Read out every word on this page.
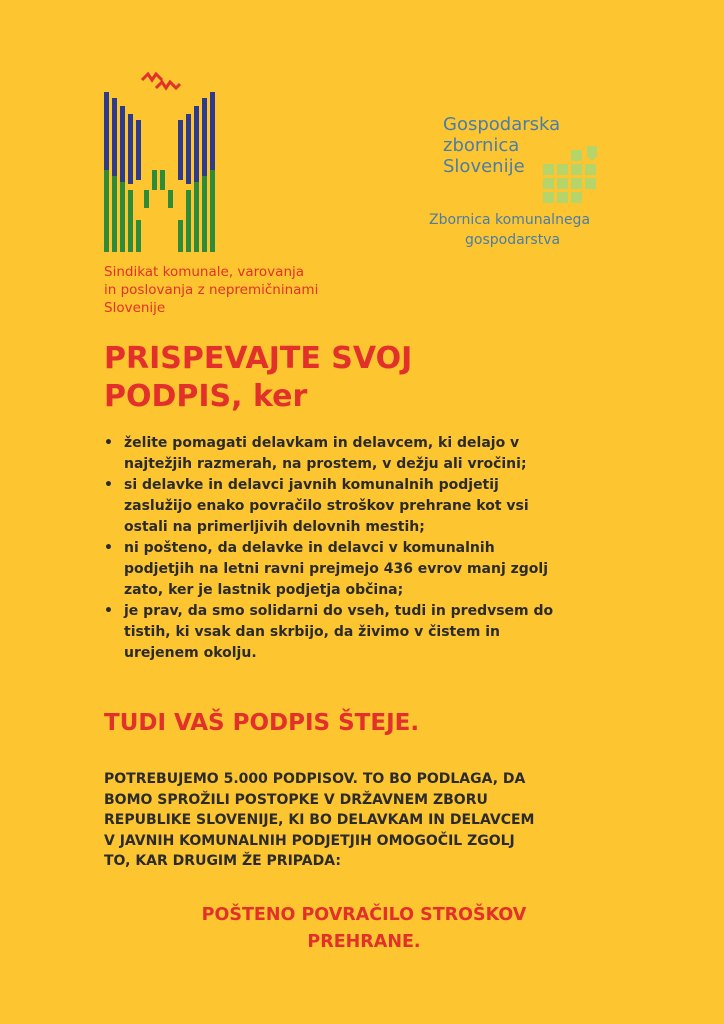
Sindikat komunale, varovanja
in poslovanja z nepremičninami
Slovenije
Gospodarska
zbornica
Slovenije
Zbornica komunalnega
gospodarstva
PRISPEVAJTE SVOJ
PODPIS, ker
• želite pomagati delavkam in delavcem, ki delajo v
najtežjih razmerah, na prostem, v dežju ali vročini;
• si delavke in delavci javnih komunalnih podjetij
zaslužijo enako povračilo stroškov prehrane kot vsi
ostali na primerljivih delovnih mestih;
• ni pošteno, da delavke in delavci v komunalnih
podjetjih na letni ravni prejmejo 436 evrov manj zgolj
zato, ker je lastnik podjetja občina;
• je prav, da smo solidarni do vseh, tudi in predvsem do
tistih, ki vsak dan skrbijo, da živimo v čistem in
urejenem okolju.
TUDI VAŠ PODPIS ŠTEJE.
POTREBUJEMO 5.000 PODPISOV. TO BO PODLAGA, DA
BOMO SPROŽILI POSTOPKE V DRŽAVNEM ZBORU
REPUBLIKE SLOVENIJE, KI BO DELAVKAM IN DELAVCEM
V JAVNIH KOMUNALNIH PODJETJIH OMOGOČIL ZGOLJ
TO, KAR DRUGIM ŽE PRIPADA:
POŠTENO POVRAČILO STROŠKOV
PREHRANE.
